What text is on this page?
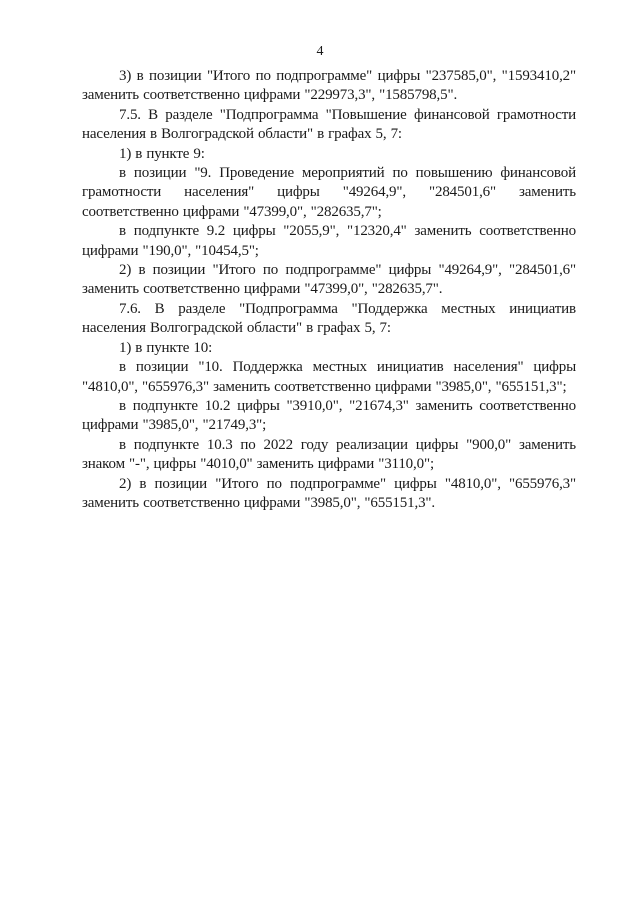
4

3) в позиции "Итого по подпрограмме" цифры "237585,0", "1593410,2" заменить соответственно цифрами "229973,3", "1585798,5".

7.5. В разделе "Подпрограмма "Повышение финансовой грамотности населения в Волгоградской области" в графах 5, 7:

1) в пункте 9:

в позиции "9. Проведение мероприятий по повышению финансовой грамотности населения" цифры "49264,9", "284501,6" заменить соответственно цифрами "47399,0", "282635,7";

в подпункте 9.2 цифры "2055,9", "12320,4" заменить соответственно цифрами "190,0", "10454,5";

2) в позиции "Итого по подпрограмме" цифры "49264,9", "284501,6" заменить соответственно цифрами "47399,0", "282635,7".

7.6. В разделе "Подпрограмма "Поддержка местных инициатив населения Волгоградской области" в графах 5, 7:

1) в пункте 10:

в позиции "10. Поддержка местных инициатив населения" цифры "4810,0", "655976,3" заменить соответственно цифрами "3985,0", "655151,3";

в подпункте 10.2 цифры "3910,0", "21674,3" заменить соответственно цифрами "3985,0", "21749,3";

в подпункте 10.3 по 2022 году реализации цифры "900,0" заменить знаком "-", цифры "4010,0" заменить цифрами "3110,0";

2) в позиции "Итого по подпрограмме" цифры "4810,0", "655976,3" заменить соответственно цифрами "3985,0", "655151,3".
